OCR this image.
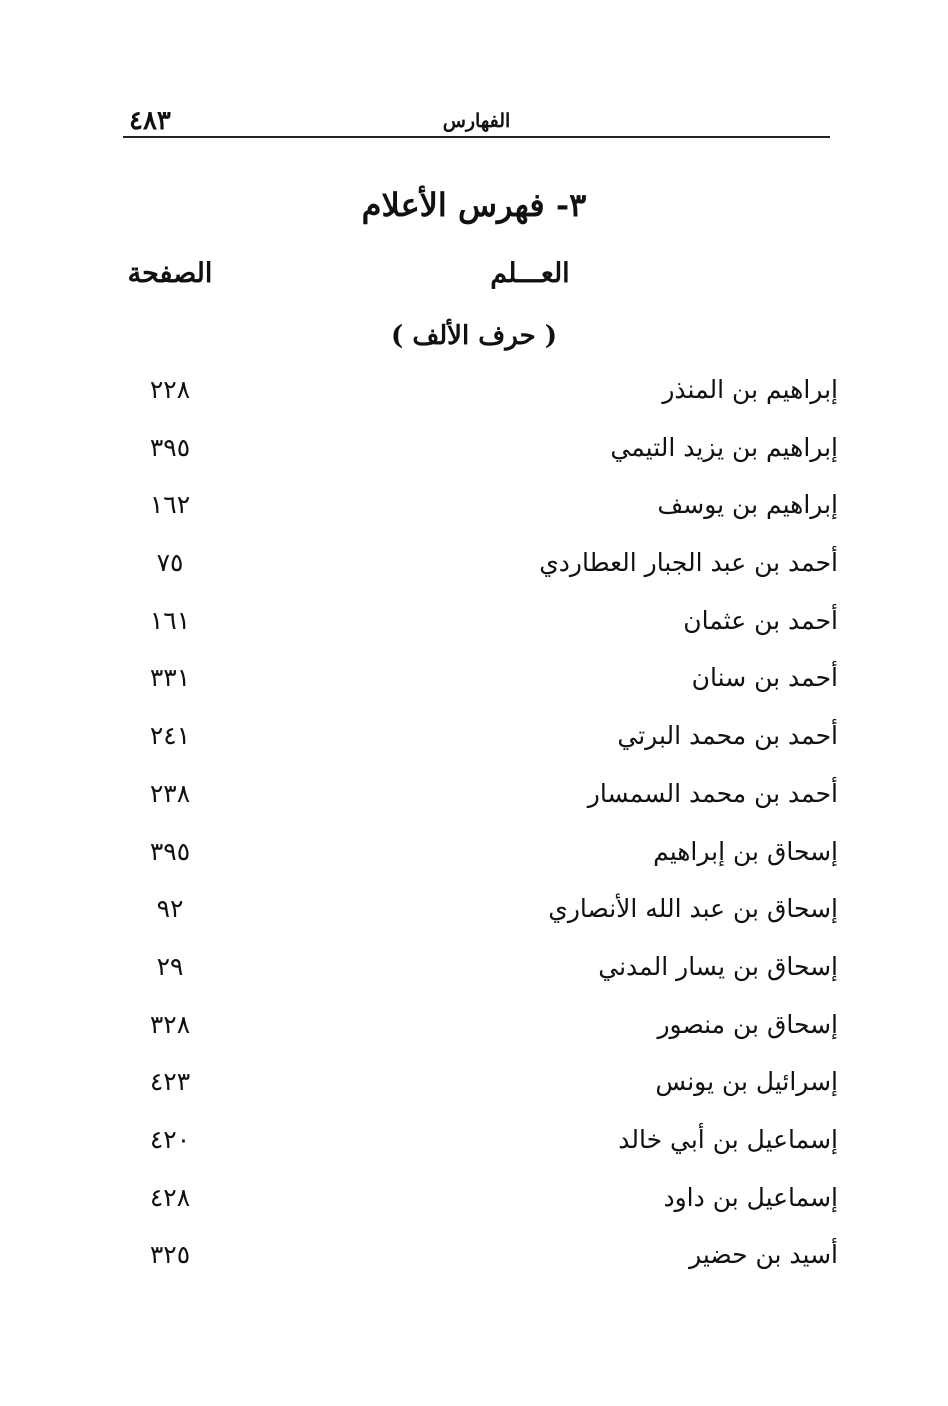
٤٨٣	الفهارس
٣- فهرس الأعلام
العـــلم
الصفحة
( حرف الألف )
إبراهيم بن المنذر
٢٢٨
إبراهيم بن يزيد التيمي
٣٩٥
إبراهيم بن يوسف
١٦٢
أحمد بن عبد الجبار العطاردي
٧٥
أحمد بن عثمان
١٦١
أحمد بن سنان
٣٣١
أحمد بن محمد البرتي
٢٤١
أحمد بن محمد السمسار
٢٣٨
إسحاق بن إبراهيم
٣٩٥
إسحاق بن عبد الله الأنصاري
٩٢
إسحاق بن يسار المدني
٢٩
إسحاق بن منصور
٣٢٨
إسرائيل بن يونس
٤٢٣
إسماعيل بن أبي خالد
٤٢٠
إسماعيل بن داود
٤٢٨
أسيد بن حضير
٣٢٥
